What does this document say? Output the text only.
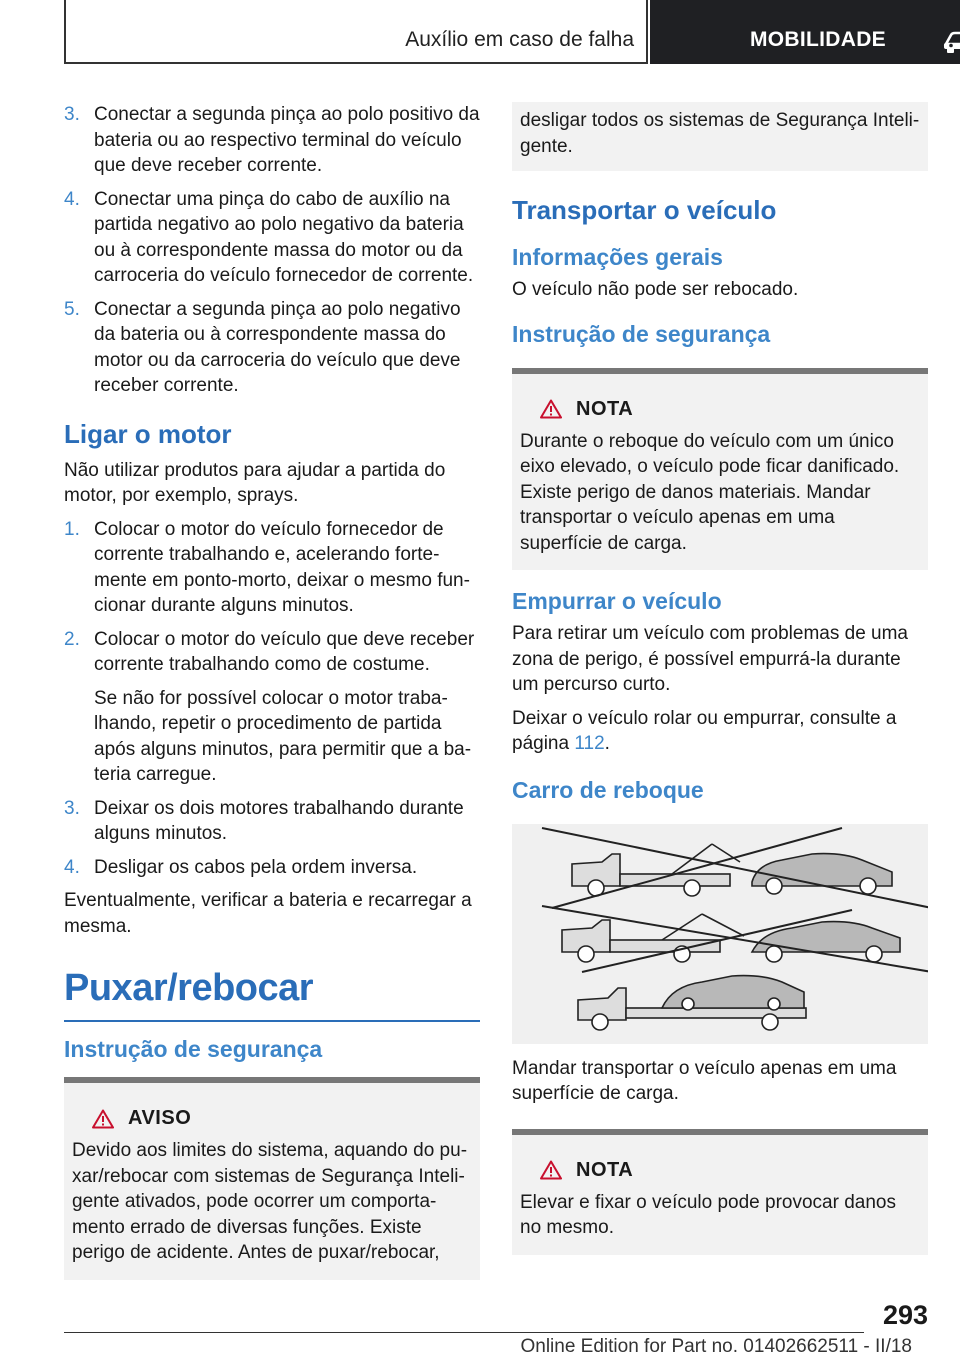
Auxílio em caso de falha	MOBILIDADE
3. Conectar a segunda pinça ao polo positivo da bateria ou ao respectivo terminal do veículo que deve receber corrente.
4. Conectar uma pinça do cabo de auxílio na partida negativo ao polo negativo da bateria ou à correspondente massa do motor ou da carroceria do veículo fornecedor de corrente.
5. Conectar a segunda pinça ao polo negativo da bateria ou à correspondente massa do motor ou da carroceria do veículo que deve receber corrente.
Ligar o motor

Não utilizar produtos para ajudar a partida do motor, por exemplo, sprays.

1. Colocar o motor do veículo fornecedor de corrente trabalhando e, acelerando fortemente em ponto-morto, deixar o mesmo funcionar durante alguns minutos.
2. Colocar o motor do veículo que deve receber corrente trabalhando como de costume.
Se não for possível colocar o motor trabalhando, repetir o procedimento de partida após alguns minutos, para permitir que a bateria carregue.
3. Deixar os dois motores trabalhando durante alguns minutos.
4. Desligar os cabos pela ordem inversa.

Eventualmente, verificar a bateria e recarregar a mesma.

Puxar/rebocar
Instrução de segurança
AVISO

Devido aos limites do sistema, aquando do puxar/rebocar com sistemas de Segurança Inteligente ativados, pode ocorrer um comportamento errado de diversas funções. Existe perigo de acidente. Antes de puxar/rebocar,

desligar todos os sistemas de Segurança Inteligente.

Transportar o veículo
Informações gerais

O veículo não pode ser rebocado.

Instrução de segurança
NOTA

Durante o reboque do veículo com um único eixo elevado, o veículo pode ficar danificado. Existe perigo de danos materiais. Mandar transportar o veículo apenas em uma superfície de carga.

Empurrar o veículo

Para retirar um veículo com problemas de uma zona de perigo, é possível empurrá-la durante um percurso curto.

Deixar o veículo rolar ou empurrar, consulte a página 112.

Carro de reboque

Mandar transportar o veículo apenas em uma superfície de carga.

NOTA

Elevar e fixar o veículo pode provocar danos no mesmo.

293
Online Edition for Part no. 01402662511 - II/18
